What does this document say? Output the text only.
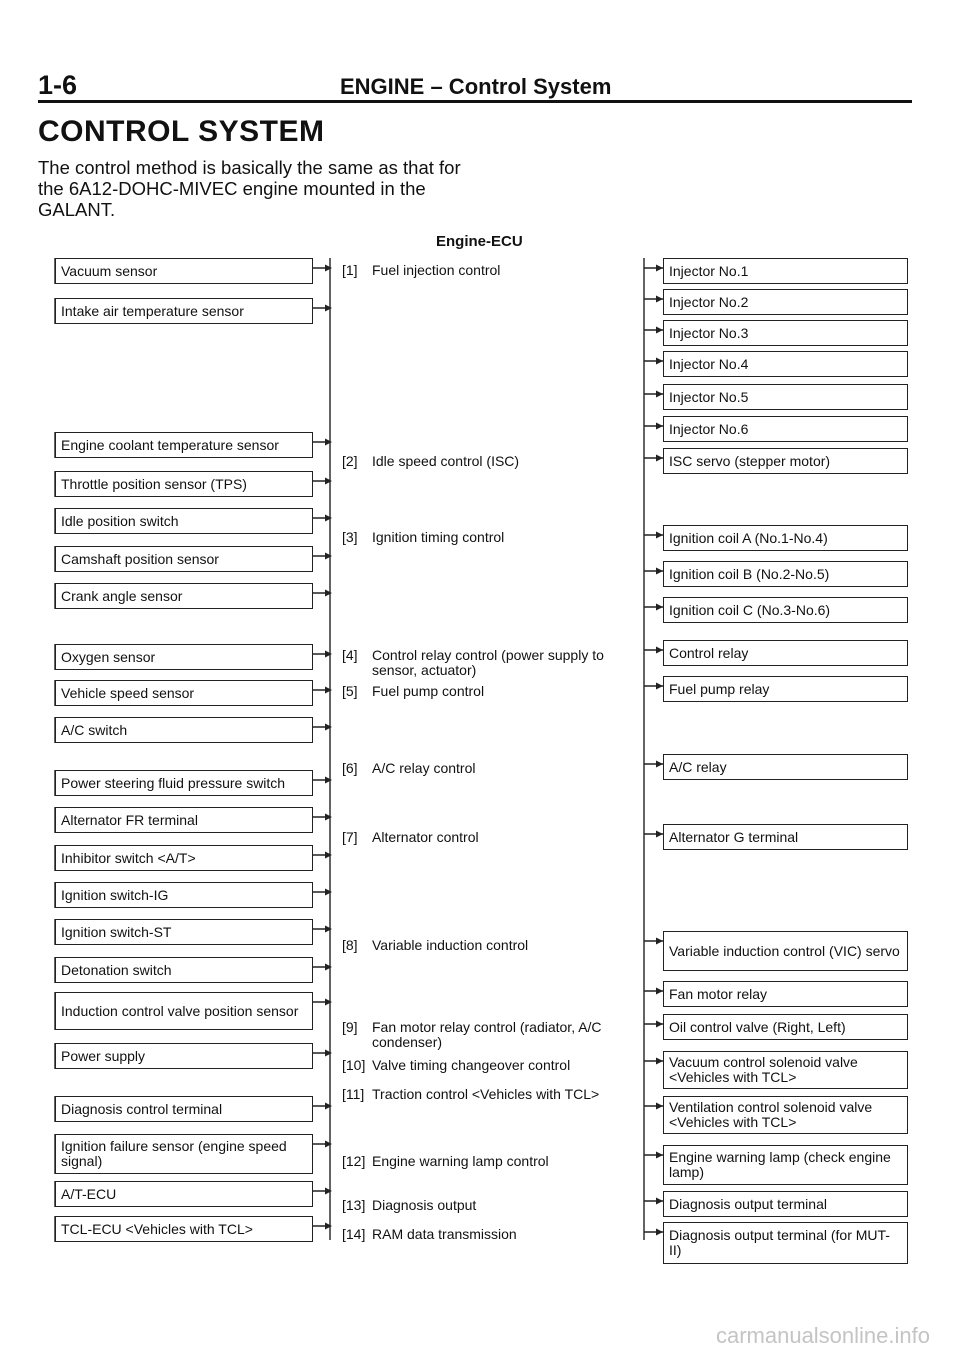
1-6	ENGINE – Control System
CONTROL SYSTEM
The control method is basically the same as that for the 6A12-DOHC-MIVEC engine mounted in the GALANT.
Engine-ECU
Vacuum sensor
Intake air temperature sensor
Engine coolant temperature sensor
Throttle position sensor (TPS)
Idle position switch
Camshaft position sensor
Crank angle sensor
Oxygen sensor
Vehicle speed sensor
A/C switch
Power steering fluid pressure switch
Alternator FR terminal
Inhibitor switch <A/T>
Ignition switch-IG
Ignition switch-ST
Detonation switch
Induction control valve position sensor
Power supply
Diagnosis control terminal
Ignition failure sensor (engine speed signal)
A/T-ECU
TCL-ECU <Vehicles with TCL>
[1]	Fuel injection control
[2]	Idle speed control (ISC)
[3]	Ignition timing control
[4]	Control relay control (power supply to sensor, actuator)
[5]	Fuel pump control
[6]	A/C relay control
[7]	Alternator control
[8]	Variable induction control
[9]	Fan motor relay control (radiator, A/C condenser)
[10] Valve timing changeover control
[11] Traction control <Vehicles with TCL>
[12] Engine warning lamp control
[13] Diagnosis output
[14] RAM data transmission
Injector No.1
Injector No.2
Injector No.3
Injector No.4
Injector No.5
Injector No.6
ISC servo (stepper motor)
Ignition coil A (No.1-No.4)
Ignition coil B (No.2-No.5)
Ignition coil C (No.3-No.6)
Control relay
Fuel pump relay
A/C relay
Alternator G terminal
Variable induction control (VIC) servo
Fan motor relay
Oil control valve (Right, Left)
Vacuum control solenoid valve <Vehicles with TCL>
Ventilation control solenoid valve <Vehicles with TCL>
Engine warning lamp (check engine lamp)
Diagnosis output terminal
Diagnosis output terminal (for MUT-II)
carmanualsonline.info
